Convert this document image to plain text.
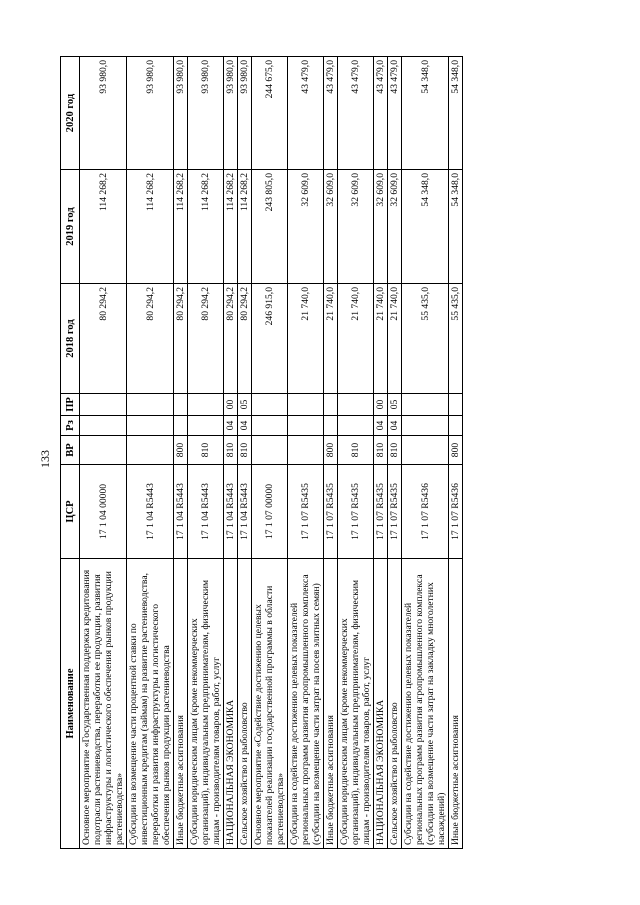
133
Наименование	ЦСР	ВР	Рз	ПР	2018 год	2019 год	2020 год
Основное мероприятие «Государственная поддержка кредитования подотрасли растениеводства, переработки ее продукции, развития инфраструктуры и логистического обеспечения рынков продукции растениеводства»	17 1 04 00000				80 294,2	114 268,2	93 980,0
Субсидии на возмещение части процентной ставки по инвестиционным кредитам (займам) на развитие растениеводства, переработки и развития инфраструктуры и логистического обеспечения рынков продукции растениеводства	17 1 04 R5443				80 294,2	114 268,2	93 980,0
Иные бюджетные ассигнования	17 1 04 R5443	800			80 294,2	114 268,2	93 980,0
Субсидии юридическим лицам (кроме некоммерческих организаций), индивидуальным предпринимателям, физическим лицам - производителям товаров, работ, услуг	17 1 04 R5443	810			80 294,2	114 268,2	93 980,0
НАЦИОНАЛЬНАЯ ЭКОНОМИКА	17 1 04 R5443	810	04	00	80 294,2	114 268,2	93 980,0
Сельское хозяйство и рыболовство	17 1 04 R5443	810	04	05	80 294,2	114 268,2	93 980,0
Основное мероприятие «Содействие достижению целевых показателей реализации государственной программы в области растениеводства»	17 1 07 00000				246 915,0	243 805,0	244 675,0
Субсидии на содействие достижению целевых показателей региональных программ развития агропромышленного комплекса (субсидии на возмещение части затрат на посев элитных семян)	17 1 07 R5435				21 740,0	32 609,0	43 479,0
Иные бюджетные ассигнования	17 1 07 R5435	800			21 740,0	32 609,0	43 479,0
Субсидии юридическим лицам (кроме некоммерческих организаций), индивидуальным предпринимателям, физическим лицам - производителям товаров, работ, услуг	17 1 07 R5435	810			21 740,0	32 609,0	43 479,0
НАЦИОНАЛЬНАЯ ЭКОНОМИКА	17 1 07 R5435	810	04	00	21 740,0	32 609,0	43 479,0
Сельское хозяйство и рыболовство	17 1 07 R5435	810	04	05	21 740,0	32 609,0	43 479,0
Субсидии на содействие достижению целевых показателей региональных программ развития агропромышленного комплекса (субсидии на возмещение части затрат на закладку многолетних насаждений)	17 1 07 R5436				55 435,0	54 348,0	54 348,0
Иные бюджетные ассигнования	17 1 07 R5436	800			55 435,0	54 348,0	54 348,0
